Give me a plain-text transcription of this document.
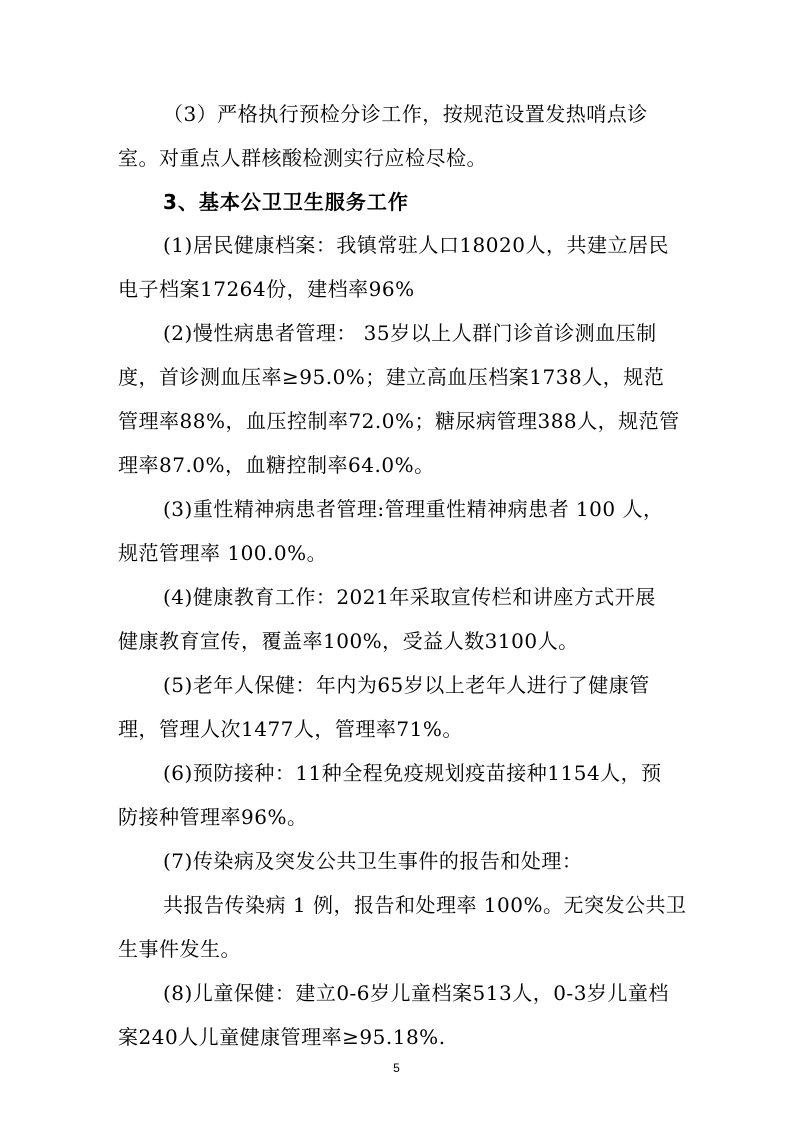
（3）严格执行预检分诊工作，按规范设置发热哨点诊
室。对重点人群核酸检测实行应检尽检。
3、基本公卫卫生服务工作
(1)居民健康档案：我镇常驻人口18020人，共建立居民
电子档案17264份，建档率96%
(2)慢性病患者管理： 35岁以上人群门诊首诊测血压制
度，首诊测血压率≥95.0%；建立高血压档案1738人，规范
管理率88%，血压控制率72.0%；糖尿病管理388人，规范管
理率87.0%，血糖控制率64.0%。
(3)重性精神病患者管理:管理重性精神病患者 100 人，
规范管理率 100.0%。
(4)健康教育工作：2021年采取宣传栏和讲座方式开展
健康教育宣传，覆盖率100%，受益人数3100人。
(5)老年人保健：年内为65岁以上老年人进行了健康管
理，管理人次1477人，管理率71%。
(6)预防接种：11种全程免疫规划疫苗接种1154人，预
防接种管理率96%。
(7)传染病及突发公共卫生事件的报告和处理：
共报告传染病 1 例，报告和处理率 100%。无突发公共卫
生事件发生。
(8)儿童保健：建立0-6岁儿童档案513人，0-3岁儿童档
案240人儿童健康管理率≥95.18%.
5
